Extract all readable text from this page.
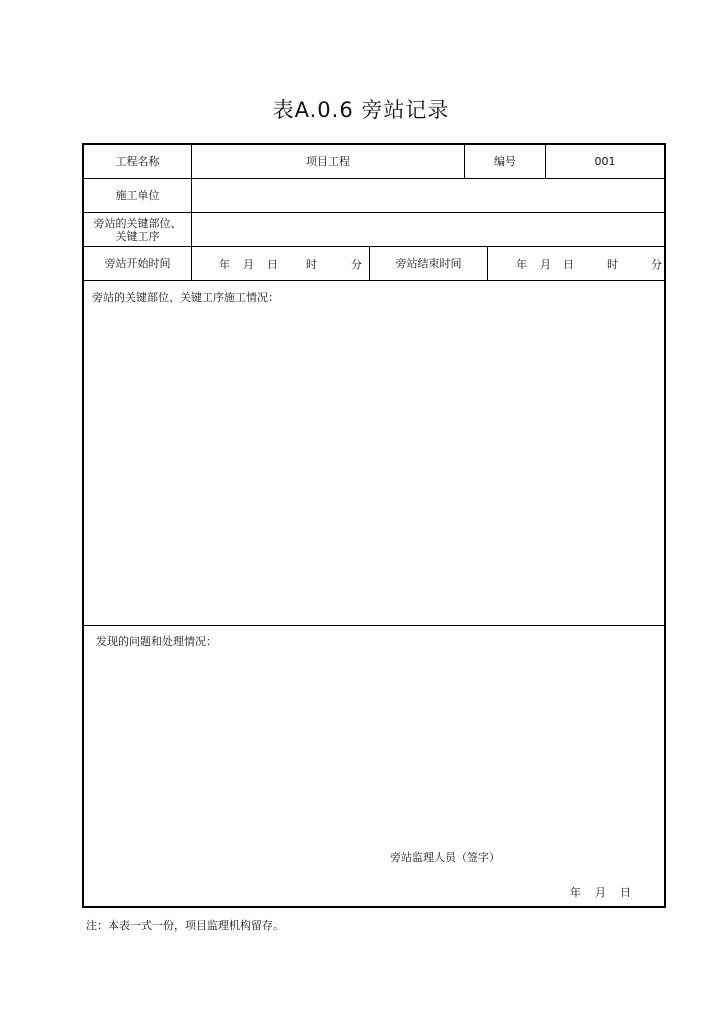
表A.0.6 旁站记录
工程名称	项目工程	编号	001
施工单位
旁站的关键部位、
关键工序
旁站开始时间	年 月 日	时	分	旁站结束时间	年 月 日	时	分
旁站的关键部位、关键工序施工情况：
发现的问题和处理情况：
旁站监理人员（签字）
年 月 日
注：本表一式一份，项目监理机构留存。
